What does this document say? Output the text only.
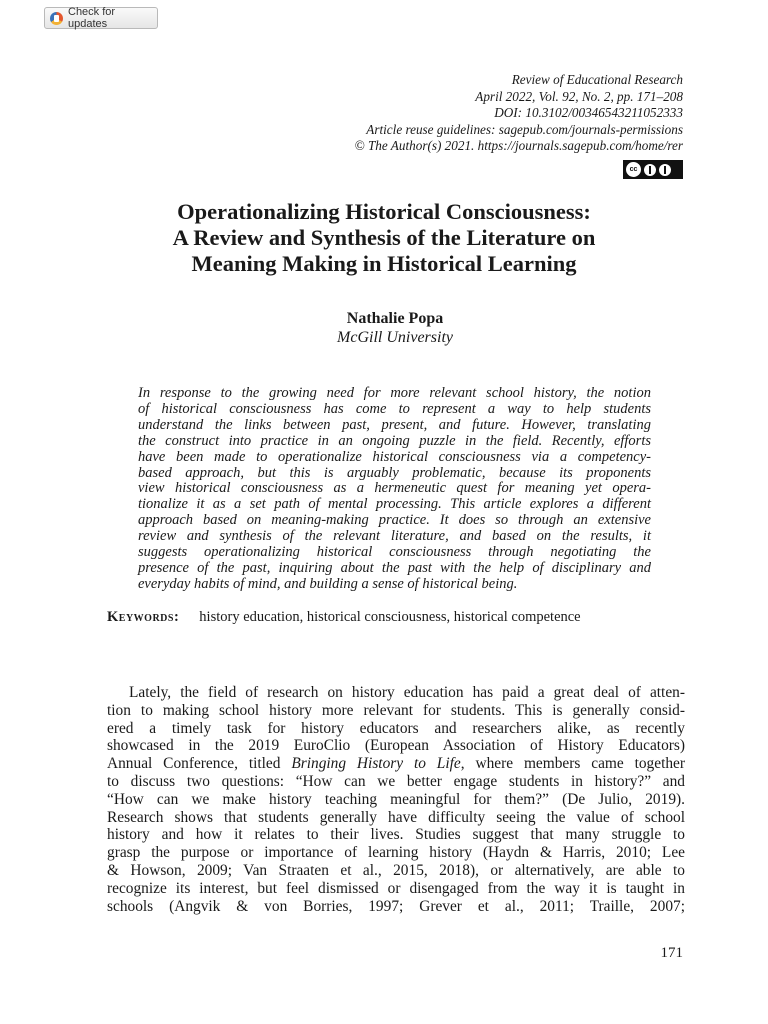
Check for updates
Review of Educational Research
April 2022, Vol. 92, No. 2, pp. 171–208
DOI: 10.3102/00346543211052333
Article reuse guidelines: sagepub.com/journals-permissions
© The Author(s) 2021. https://journals.sagepub.com/home/rer
cc
Operationalizing Historical Consciousness:
A Review and Synthesis of the Literature on
Meaning Making in Historical Learning
Nathalie Popa
McGill University
In response to the growing need for more relevant school history, the notion
of historical consciousness has come to represent a way to help students
understand the links between past, present, and future. However, translating
the construct into practice in an ongoing puzzle in the field. Recently, efforts
have been made to operationalize historical consciousness via a competency-
based approach, but this is arguably problematic, because its proponents
view historical consciousness as a hermeneutic quest for meaning yet opera-
tionalize it as a set path of mental processing. This article explores a different
approach based on meaning-making practice. It does so through an extensive
review and synthesis of the relevant literature, and based on the results, it
suggests operationalizing historical consciousness through negotiating the
presence of the past, inquiring about the past with the help of disciplinary and
everyday habits of mind, and building a sense of historical being.
Keywords: history education, historical consciousness, historical competence
Lately, the field of research on history education has paid a great deal of atten-
tion to making school history more relevant for students. This is generally consid-
ered a timely task for history educators and researchers alike, as recently
showcased in the 2019 EuroClio (European Association of History Educators)
Annual Conference, titled Bringing History to Life, where members came together
to discuss two questions: “How can we better engage students in history?” and
“How can we make history teaching meaningful for them?” (De Julio, 2019).
Research shows that students generally have difficulty seeing the value of school
history and how it relates to their lives. Studies suggest that many struggle to
grasp the purpose or importance of learning history (Haydn & Harris, 2010; Lee
& Howson, 2009; Van Straaten et al., 2015, 2018), or alternatively, are able to
recognize its interest, but feel dismissed or disengaged from the way it is taught in
schools (Angvik & von Borries, 1997; Grever et al., 2011; Traille, 2007;
171
